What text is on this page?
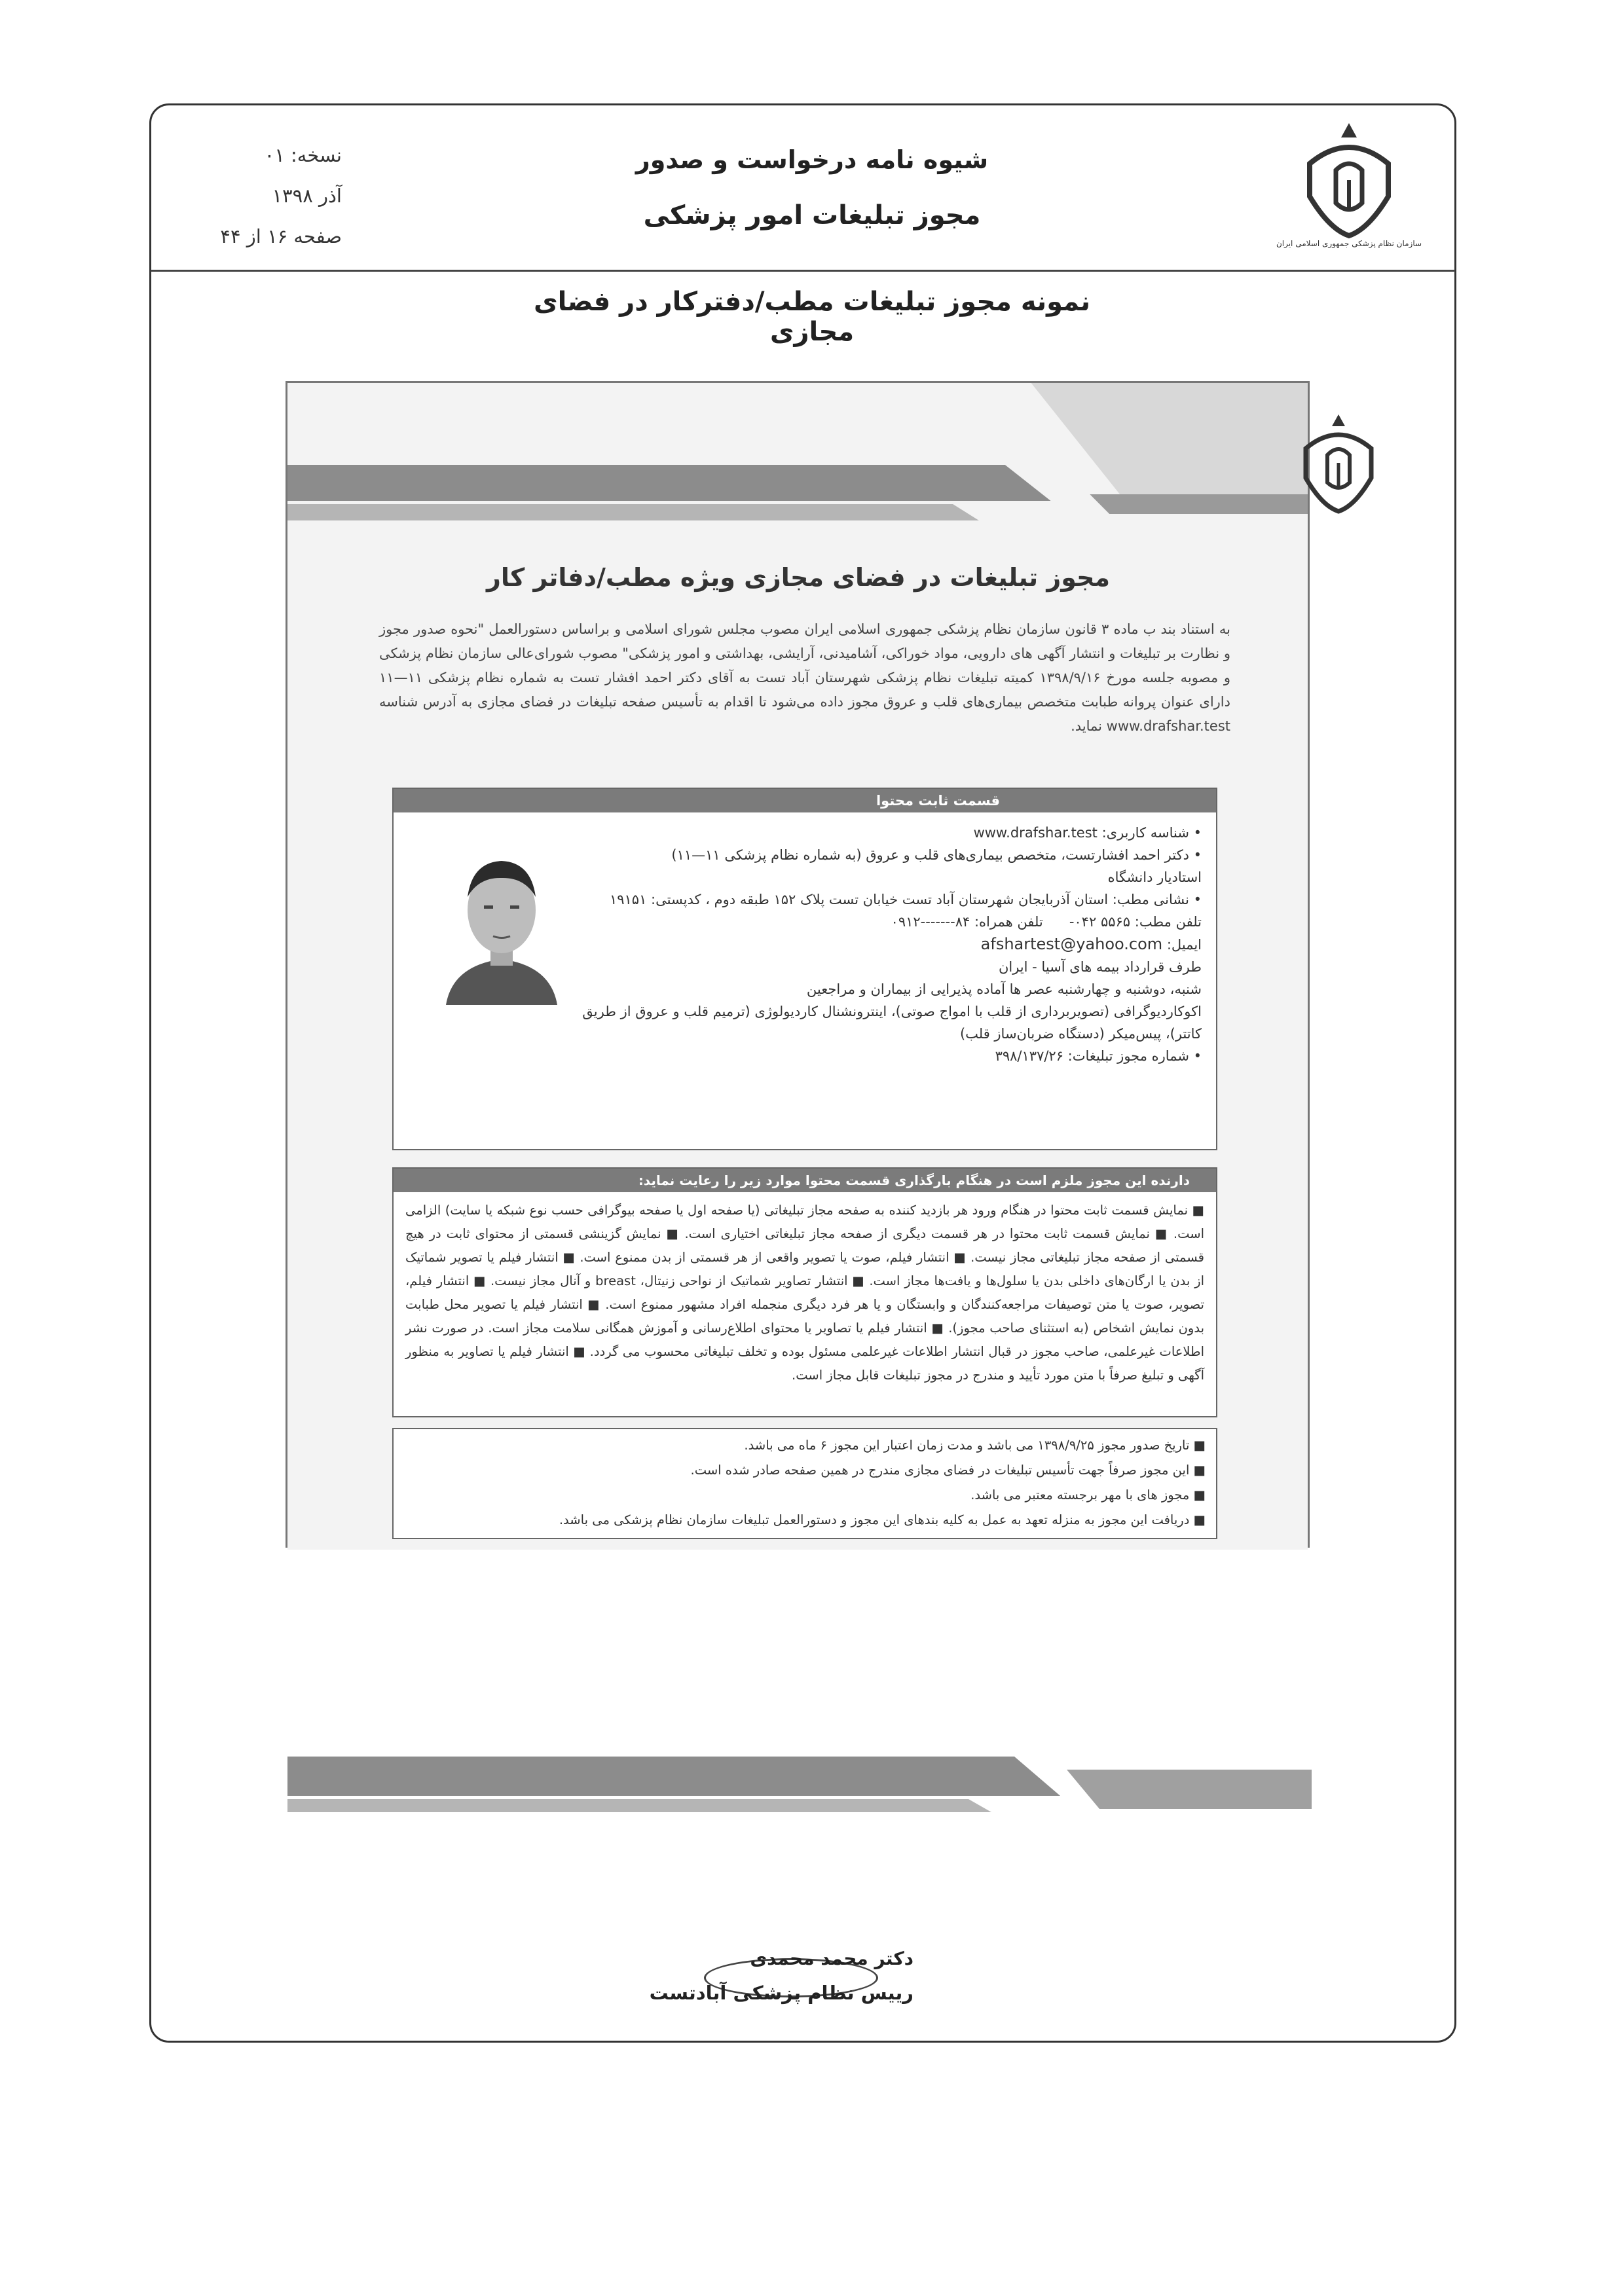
سازمان نظام پزشکی جمهوری اسلامی ایران
شیوه نامه درخواست و صدور
مجوز تبلیغات امور پزشکی
نسخه: ۰۱
آذر ۱۳۹۸
صفحه ۱۶ از ۴۴
نمونه مجوز تبلیغات مطب/دفترکار در فضای مجازی
مجوز تبلیغات در فضای مجازی ویژه مطب/دفاتر کار
به استناد بند ب ماده ۳ قانون سازمان نظام پزشکی جمهوری اسلامی ایران مصوب مجلس شورای اسلامی و براساس دستورالعمل "نحوه صدور مجوز و نظارت بر تبلیغات و انتشار آگهی های دارویی، مواد خوراکی، آشامیدنی، آرایشی، بهداشتی و امور پزشکی" مصوب شورای‌عالی سازمان نظام پزشکی و مصوبه جلسه مورخ ۱۳۹۸/۹/۱۶ کمیته تبلیغات نظام پزشکی شهرستان آباد تست به آقای دکتر احمد افشار تست به شماره نظام پزشکی ۱۱—۱۱ دارای عنوان پروانه طبابت متخصص بیماری‌های قلب و عروق مجوز داده می‌شود تا اقدام به تأسیس صفحه تبلیغات در فضای مجازی به آدرس شناسه www.drafshar.test نماید.
قسمت ثابت محتوا
• شناسه کاربری: www.drafshar.test
• دکتر احمد افشارتست، متخصص بیماری‌های قلب و عروق (به شماره نظام پزشکی ۱۱—۱۱)
استادیار دانشگاه
• نشانی مطب: استان آذربایجان شهرستان آباد تست خیابان تست پلاک ۱۵۲ طبقه دوم ، کدپستی: ۱۹۱۵۱
تلفن مطب: ۵۵۶۵ ۰۴۲-      تلفن همراه: ۸۴-------۰۹۱۲
ایمیل: afshartest@yahoo.com
طرف قرارداد بیمه های آسیا - ایران
شنبه، دوشنبه و چهارشنبه عصر ها آماده پذیرایی از بیماران و مراجعین
اکوکاردیوگرافی (تصویربرداری از قلب با امواج صوتی)، اینترونشنال کاردیولوژی (ترمیم قلب و عروق از طریق کاتتر)، پیس‌میکر (دستگاه ضربان‌ساز قلب)
• شماره مجوز تبلیغات: ۳۹۸/۱۳۷/۲۶
دارنده این مجوز ملزم است در هنگام بارگذاری قسمت محتوا موارد زیر را رعایت نماید:
■ نمایش قسمت ثابت محتوا در هنگام ورود هر بازدید کننده به صفحه مجاز تبلیغاتی (یا صفحه اول یا صفحه بیوگرافی حسب نوع شبکه یا سایت) الزامی است. ■ نمایش قسمت ثابت محتوا در هر قسمت دیگری از صفحه مجاز تبلیغاتی اختیاری است. ■ نمایش گزینشی قسمتی از محتوای ثابت در هیچ قسمتی از صفحه مجاز تبلیغاتی مجاز نیست. ■ انتشار فیلم، صوت یا تصویر واقعی از هر قسمتی از بدن ممنوع است. ■ انتشار فیلم یا تصویر شماتیک از بدن یا ارگان‌های داخلی بدن یا سلول‌ها و یافت‌ها مجاز است. ■ انتشار تصاویر شماتیک از نواحی زنیتال، breast و آنال مجاز نیست. ■ انتشار فیلم، تصویر، صوت یا متن توصیفات مراجعه‌کنندگان و وابستگان و یا هر فرد دیگری منجمله افراد مشهور ممنوع است. ■ انتشار فیلم یا تصویر محل طبابت بدون نمایش اشخاص (به استثنای صاحب مجوز). ■ انتشار فیلم یا تصاویر یا محتوای اطلاع‌رسانی و آموزش همگانی سلامت مجاز است. در صورت نشر اطلاعات غیرعلمی، صاحب مجوز در قبال انتشار اطلاعات غیرعلمی مسئول بوده و تخلف تبلیغاتی محسوب می گردد. ■ انتشار فیلم یا تصاویر به منظور آگهی و تبلیغ صرفاً با متن مورد تأیید و مندرج در مجوز تبلیغات قابل مجاز است.
■ تاریخ صدور مجوز ۱۳۹۸/۹/۲۵ می باشد و مدت زمان اعتبار این مجوز ۶ ماه می باشد.
■ این مجوز صرفاً جهت تأسیس تبلیغات در فضای مجازی مندرج در همین صفحه صادر شده است.
■ مجوز های با مهر برجسته معتبر می باشد.
■ دریافت این مجوز به منزله تعهد به عمل به کلیه بندهای این مجوز و دستورالعمل تبلیغات سازمان نظام پزشکی می باشد.
دکتر محمد محمدی
رییس نظام پزشکی آبادتست
